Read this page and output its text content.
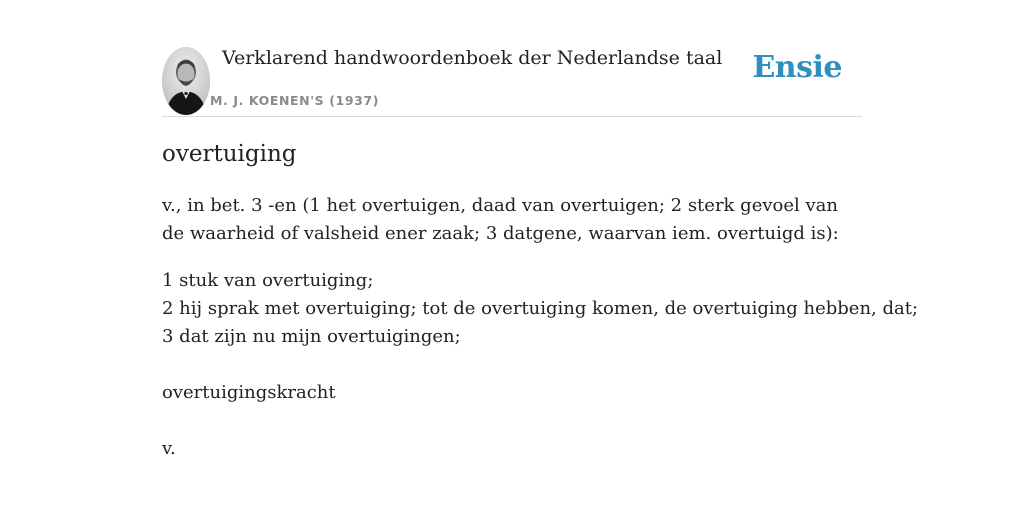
Verklarend handwoordenboek der Nederlandse taal
M. J. KOENEN'S (1937)
Ensie
overtuiging

v., in bet. 3 -en (1 het overtuigen, daad van overtuigen; 2 sterk gevoel van de waarheid of valsheid ener zaak; 3 datgene, waarvan iem. overtuigd is):

1 stuk van overtuiging;
2 hij sprak met overtuiging; tot de overtuiging komen, de overtuiging hebben, dat;
3 dat zijn nu mijn overtuigingen;

overtuigingskracht

v.
